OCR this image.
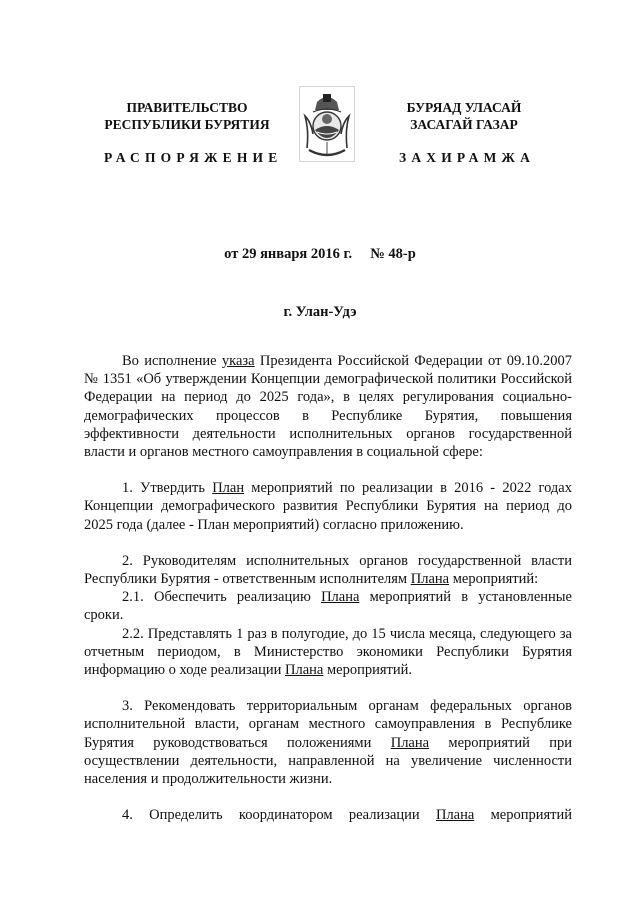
ПРАВИТЕЛЬСТВО
РЕСПУБЛИКИ БУРЯТИЯ
РАСПОРЯЖЕНИЕ
БУРЯАД УЛАСАЙ
ЗАСАГАЙ ГАЗАР
ЗАХИРАМЖА
от 29 января 2016 г.     № 48-р
г. Улан-Удэ

Во исполнение указа Президента Российской Федерации от 09.10.2007 № 1351 «Об утверждении Концепции демографической политики Российской Федерации на период до 2025 года», в целях регулирования социально-демографических процессов в Республике Бурятия, повышения эффективности деятельности исполнительных органов государственной власти и органов местного самоуправления в социальной сфере:

1. Утвердить План мероприятий по реализации в 2016 - 2022 годах Концепции демографического развития Республики Бурятия на период до 2025 года (далее - План мероприятий) согласно приложению.

2. Руководителям исполнительных органов государственной власти Республики Бурятия - ответственным исполнителям Плана мероприятий:

2.1. Обеспечить реализацию Плана мероприятий в установленные сроки.

2.2. Представлять 1 раз в полугодие, до 15 числа месяца, следующего за отчетным периодом, в Министерство экономики Республики Бурятия информацию о ходе реализации Плана мероприятий.

3. Рекомендовать территориальным органам федеральных органов исполнительной власти, органам местного самоуправления в Республике Бурятия руководствоваться положениями Плана мероприятий при осуществлении деятельности, направленной на увеличение численности населения и продолжительности жизни.

4. Определить координатором реализации Плана мероприятий
